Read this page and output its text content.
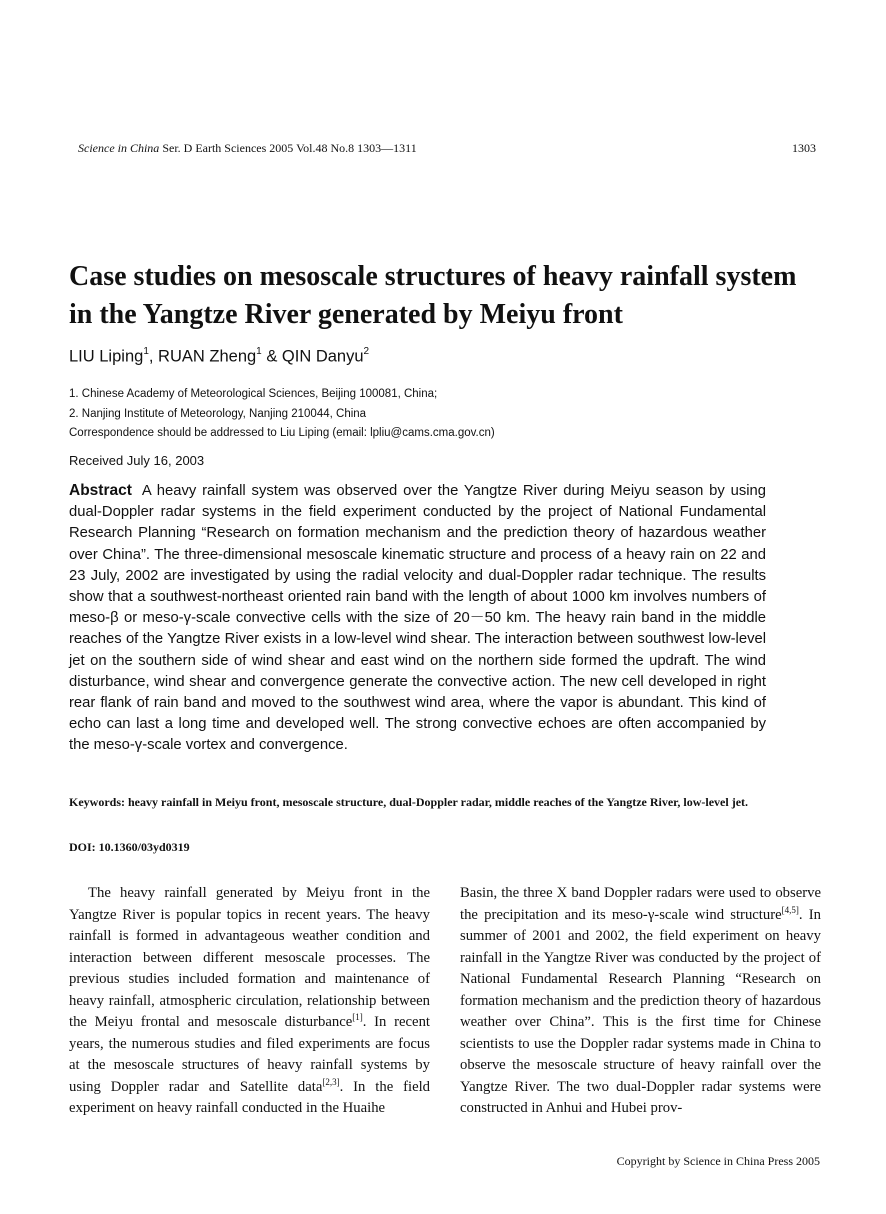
Science in China Ser. D Earth Sciences 2005 Vol.48 No.8 1303—1311	1303
Case studies on mesoscale structures of heavy rainfall system in the Yangtze River generated by Meiyu front
LIU Liping$^1$, RUAN Zheng$^1$ & QIN Danyu$^2$
1. Chinese Academy of Meteorological Sciences, Beijing 100081, China;
2. Nanjing Institute of Meteorology, Nanjing 210044, China
Correspondence should be addressed to Liu Liping (email: lpliu@cams.cma.gov.cn)
Received July 16, 2003

Abstract A heavy rainfall system was observed over the Yangtze River during Meiyu season by using dual-Doppler radar systems in the field experiment conducted by the project of National Fundamental Research Planning “Research on formation mechanism and the prediction theory of hazardous weather over China”. The three-dimensional mesoscale kinematic structure and process of a heavy rain on 22 and 23 July, 2002 are investigated by using the radial velocity and dual-Doppler radar technique. The results show that a southwest-northeast oriented rain band with the length of about 1000 km involves numbers of meso-β or meso-γ-scale convective cells with the size of 20－50 km. The heavy rain band in the middle reaches of the Yangtze River exists in a low-level wind shear. The interaction between southwest low-level jet on the southern side of wind shear and east wind on the northern side formed the updraft. The wind disturbance, wind shear and convergence generate the convective action. The new cell developed in right rear flank of rain band and moved to the southwest wind area, where the vapor is abundant. This kind of echo can last a long time and developed well. The strong convective echoes are often accompanied by the meso-γ-scale vortex and convergence.

Keywords: heavy rainfall in Meiyu front, mesoscale structure, dual-Doppler radar, middle reaches of the Yangtze River, low-level jet.

DOI: 10.1360/03yd0319

The heavy rainfall generated by Meiyu front in the Yangtze River is popular topics in recent years. The heavy rainfall is formed in advantageous weather condition and interaction between different mesoscale processes. The previous studies included formation and maintenance of heavy rainfall, atmospheric circulation, relationship between the Meiyu frontal and mesoscale disturbance[1]. In recent years, the numerous studies and filed experiments are focus at the mesoscale structures of heavy rainfall systems by using Doppler radar and Satellite data[2,3]. In the field experiment on heavy rainfall conducted in the Huaihe

Basin, the three X band Doppler radars were used to observe the precipitation and its meso-γ-scale wind structure[4,5]. In summer of 2001 and 2002, the field experiment on heavy rainfall in the Yangtze River was conducted by the project of National Fundamental Research Planning “Research on formation mechanism and the prediction theory of hazardous weather over China”. This is the first time for Chinese scientists to use the Doppler radar systems made in China to observe the mesoscale structure of heavy rainfall over the Yangtze River. The two dual-Doppler radar systems were constructed in Anhui and Hubei prov-

Copyright by Science in China Press 2005
